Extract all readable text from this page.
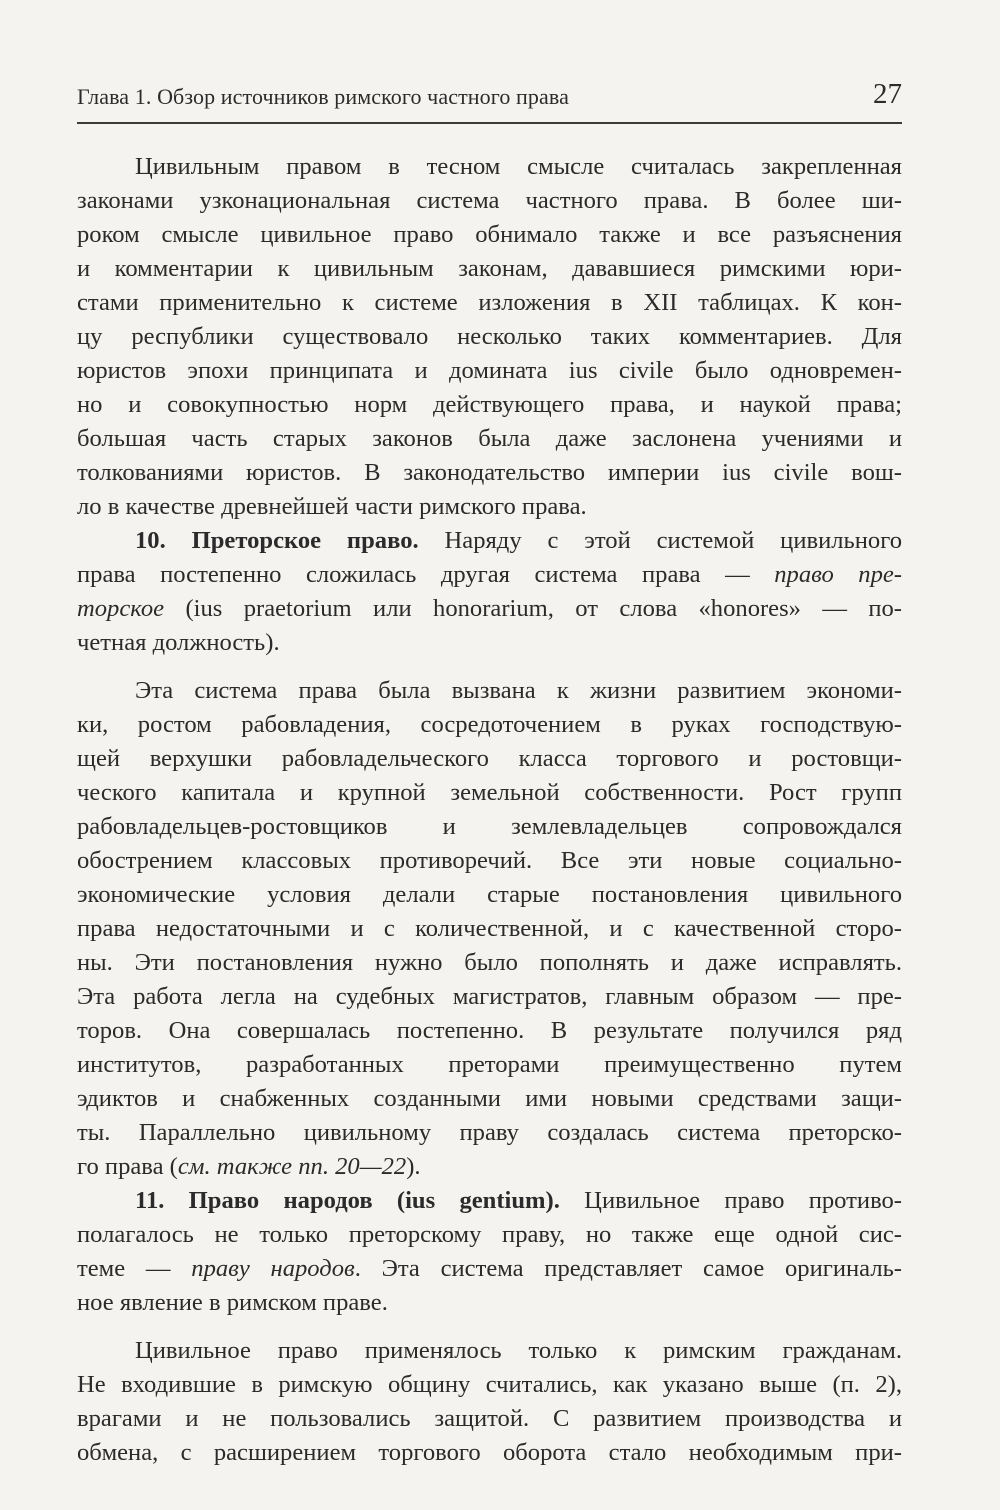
Глава 1. Обзор источников римского частного права	27
Цивильным правом в тесном смысле считалась закрепленная
законами узконациональная система частного права. В более ши-
роком смысле цивильное право обнимало также и все разъяснения
и комментарии к цивильным законам, дававшиеся римскими юри-
стами применительно к системе изложения в XII таблицах. К кон-
цу республики существовало несколько таких комментариев. Для
юристов эпохи принципата и домината ius civile было одновремен-
но и совокупностью норм действующего права, и наукой права;
большая часть старых законов была даже заслонена учениями и
толкованиями юристов. В законодательство империи ius civile вош-
ло в качестве древнейшей части римского права.
10. Преторское право. Наряду с этой системой цивильного
права постепенно сложилась другая система права — право пре-
торское (ius praetorium или honorarium, от слова «honores» — по-
четная должность).
Эта система права была вызвана к жизни развитием экономи-
ки, ростом рабовладения, сосредоточением в руках господствую-
щей верхушки рабовладельческого класса торгового и ростовщи-
ческого капитала и крупной земельной собственности. Рост групп
рабовладельцев-ростовщиков и землевладельцев сопровождался
обострением классовых противоречий. Все эти новые социально-
экономические условия делали старые постановления цивильного
права недостаточными и с количественной, и с качественной сторо-
ны. Эти постановления нужно было пополнять и даже исправлять.
Эта работа легла на судебных магистратов, главным образом — пре-
торов. Она совершалась постепенно. В результате получился ряд
институтов, разработанных преторами преимущественно путем
эдиктов и снабженных созданными ими новыми средствами защи-
ты. Параллельно цивильному праву создалась система преторско-
го права (см. также пп. 20—22).
11. Право народов (ius gentium). Цивильное право противо-
полагалось не только преторскому праву, но также еще одной сис-
теме — праву народов. Эта система представляет самое оригиналь-
ное явление в римском праве.
Цивильное право применялось только к римским гражданам.
Не входившие в римскую общину считались, как указано выше (п. 2),
врагами и не пользовались защитой. С развитием производства и
обмена, с расширением торгового оборота стало необходимым при-
